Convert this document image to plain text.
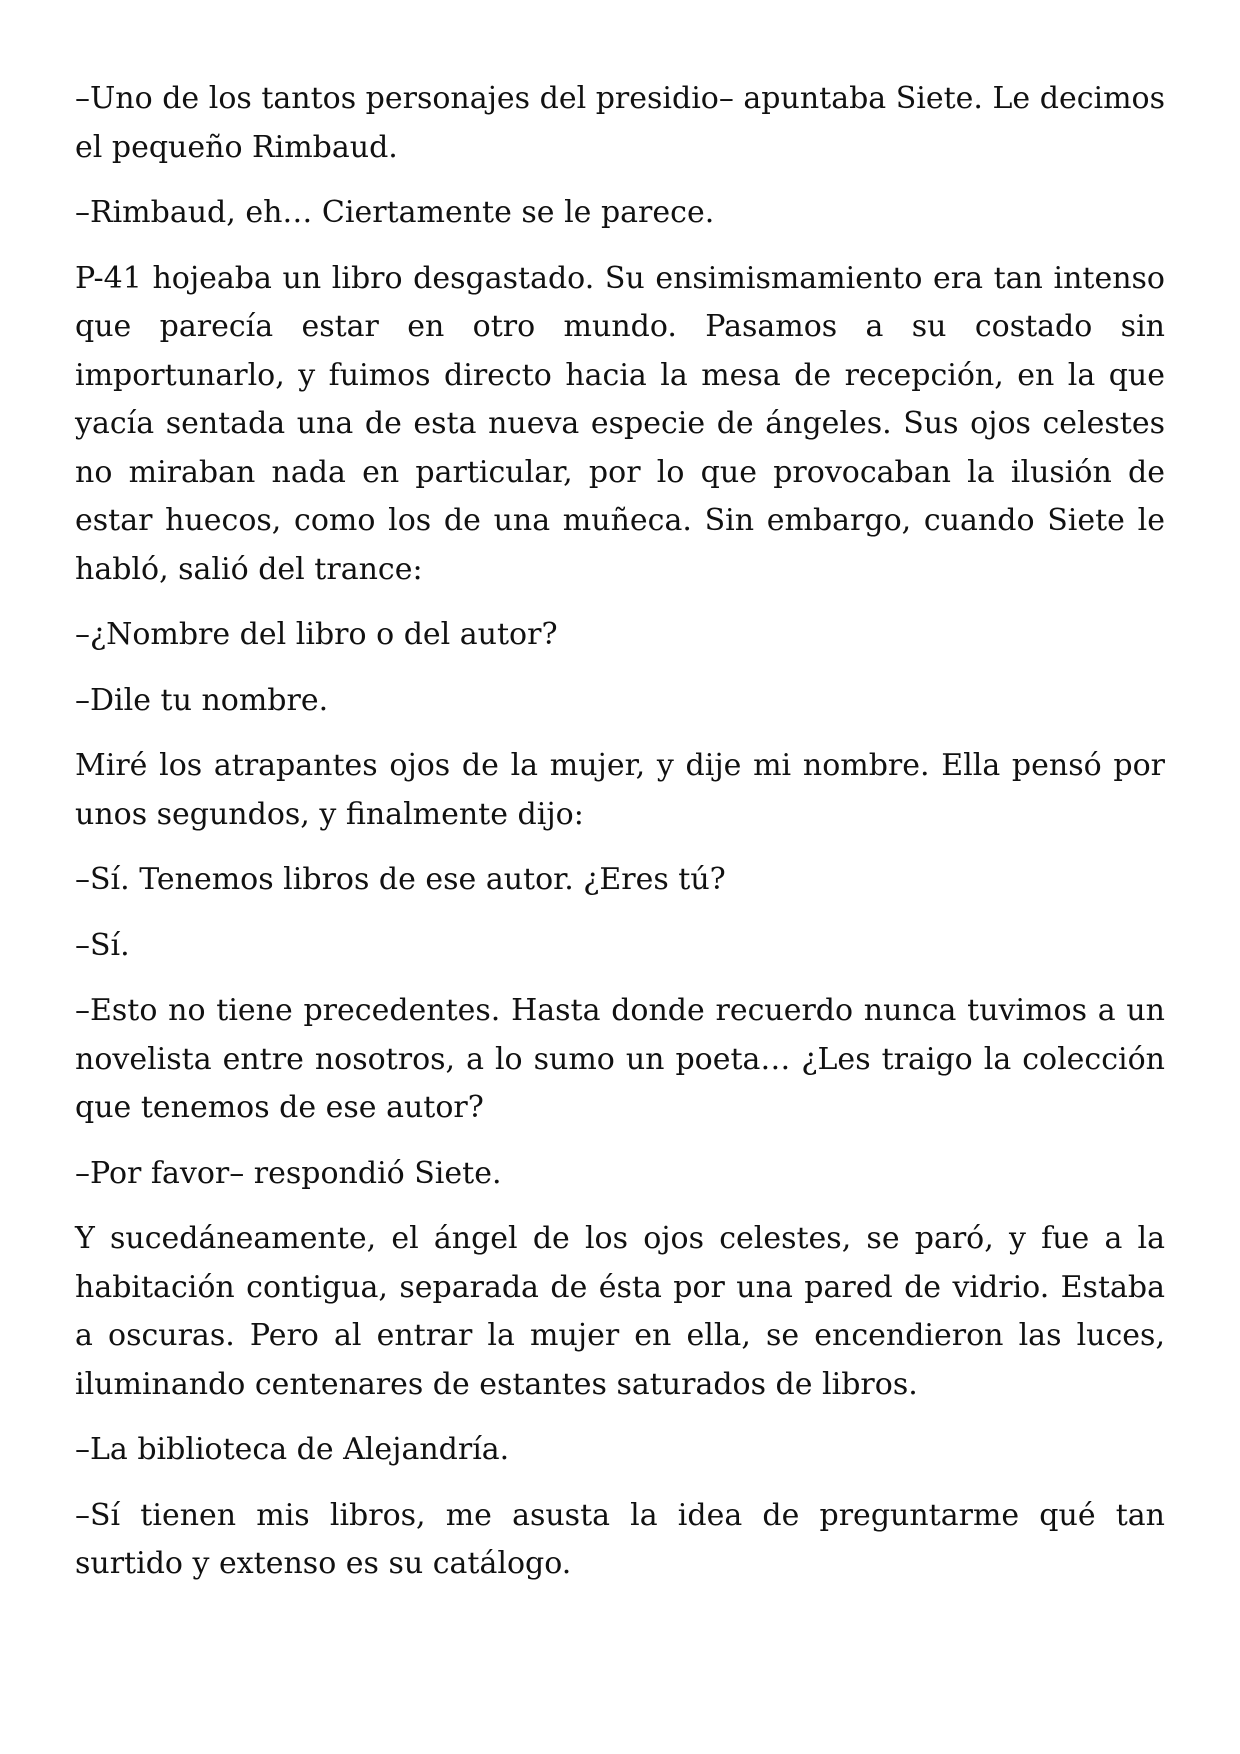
–Uno de los tantos personajes del presidio– apuntaba Siete. Le decimos el pequeño Rimbaud.

–Rimbaud, eh… Ciertamente se le parece.

P-41 hojeaba un libro desgastado. Su ensimismamiento era tan intenso que parecía estar en otro mundo. Pasamos a su costado sin importunarlo, y fuimos directo hacia la mesa de recepción, en la que yacía sentada una de esta nueva especie de ángeles. Sus ojos celestes no miraban nada en particular, por lo que provocaban la ilusión de estar huecos, como los de una muñeca. Sin embargo, cuando Siete le habló, salió del trance:

–¿Nombre del libro o del autor?

–Dile tu nombre.

Miré los atrapantes ojos de la mujer, y dije mi nombre. Ella pensó por unos segundos, y finalmente dijo:

–Sí. Tenemos libros de ese autor. ¿Eres tú?

–Sí.

–Esto no tiene precedentes. Hasta donde recuerdo nunca tuvimos a un novelista entre nosotros, a lo sumo un poeta… ¿Les traigo la colección que tenemos de ese autor?

–Por favor– respondió Siete.

Y sucedáneamente, el ángel de los ojos celestes, se paró, y fue a la habitación contigua, separada de ésta por una pared de vidrio. Estaba a oscuras. Pero al entrar la mujer en ella, se encendieron las luces, iluminando centenares de estantes saturados de libros.

–La biblioteca de Alejandría.

–Sí tienen mis libros, me asusta la idea de preguntarme qué tan surtido y extenso es su catálogo.
